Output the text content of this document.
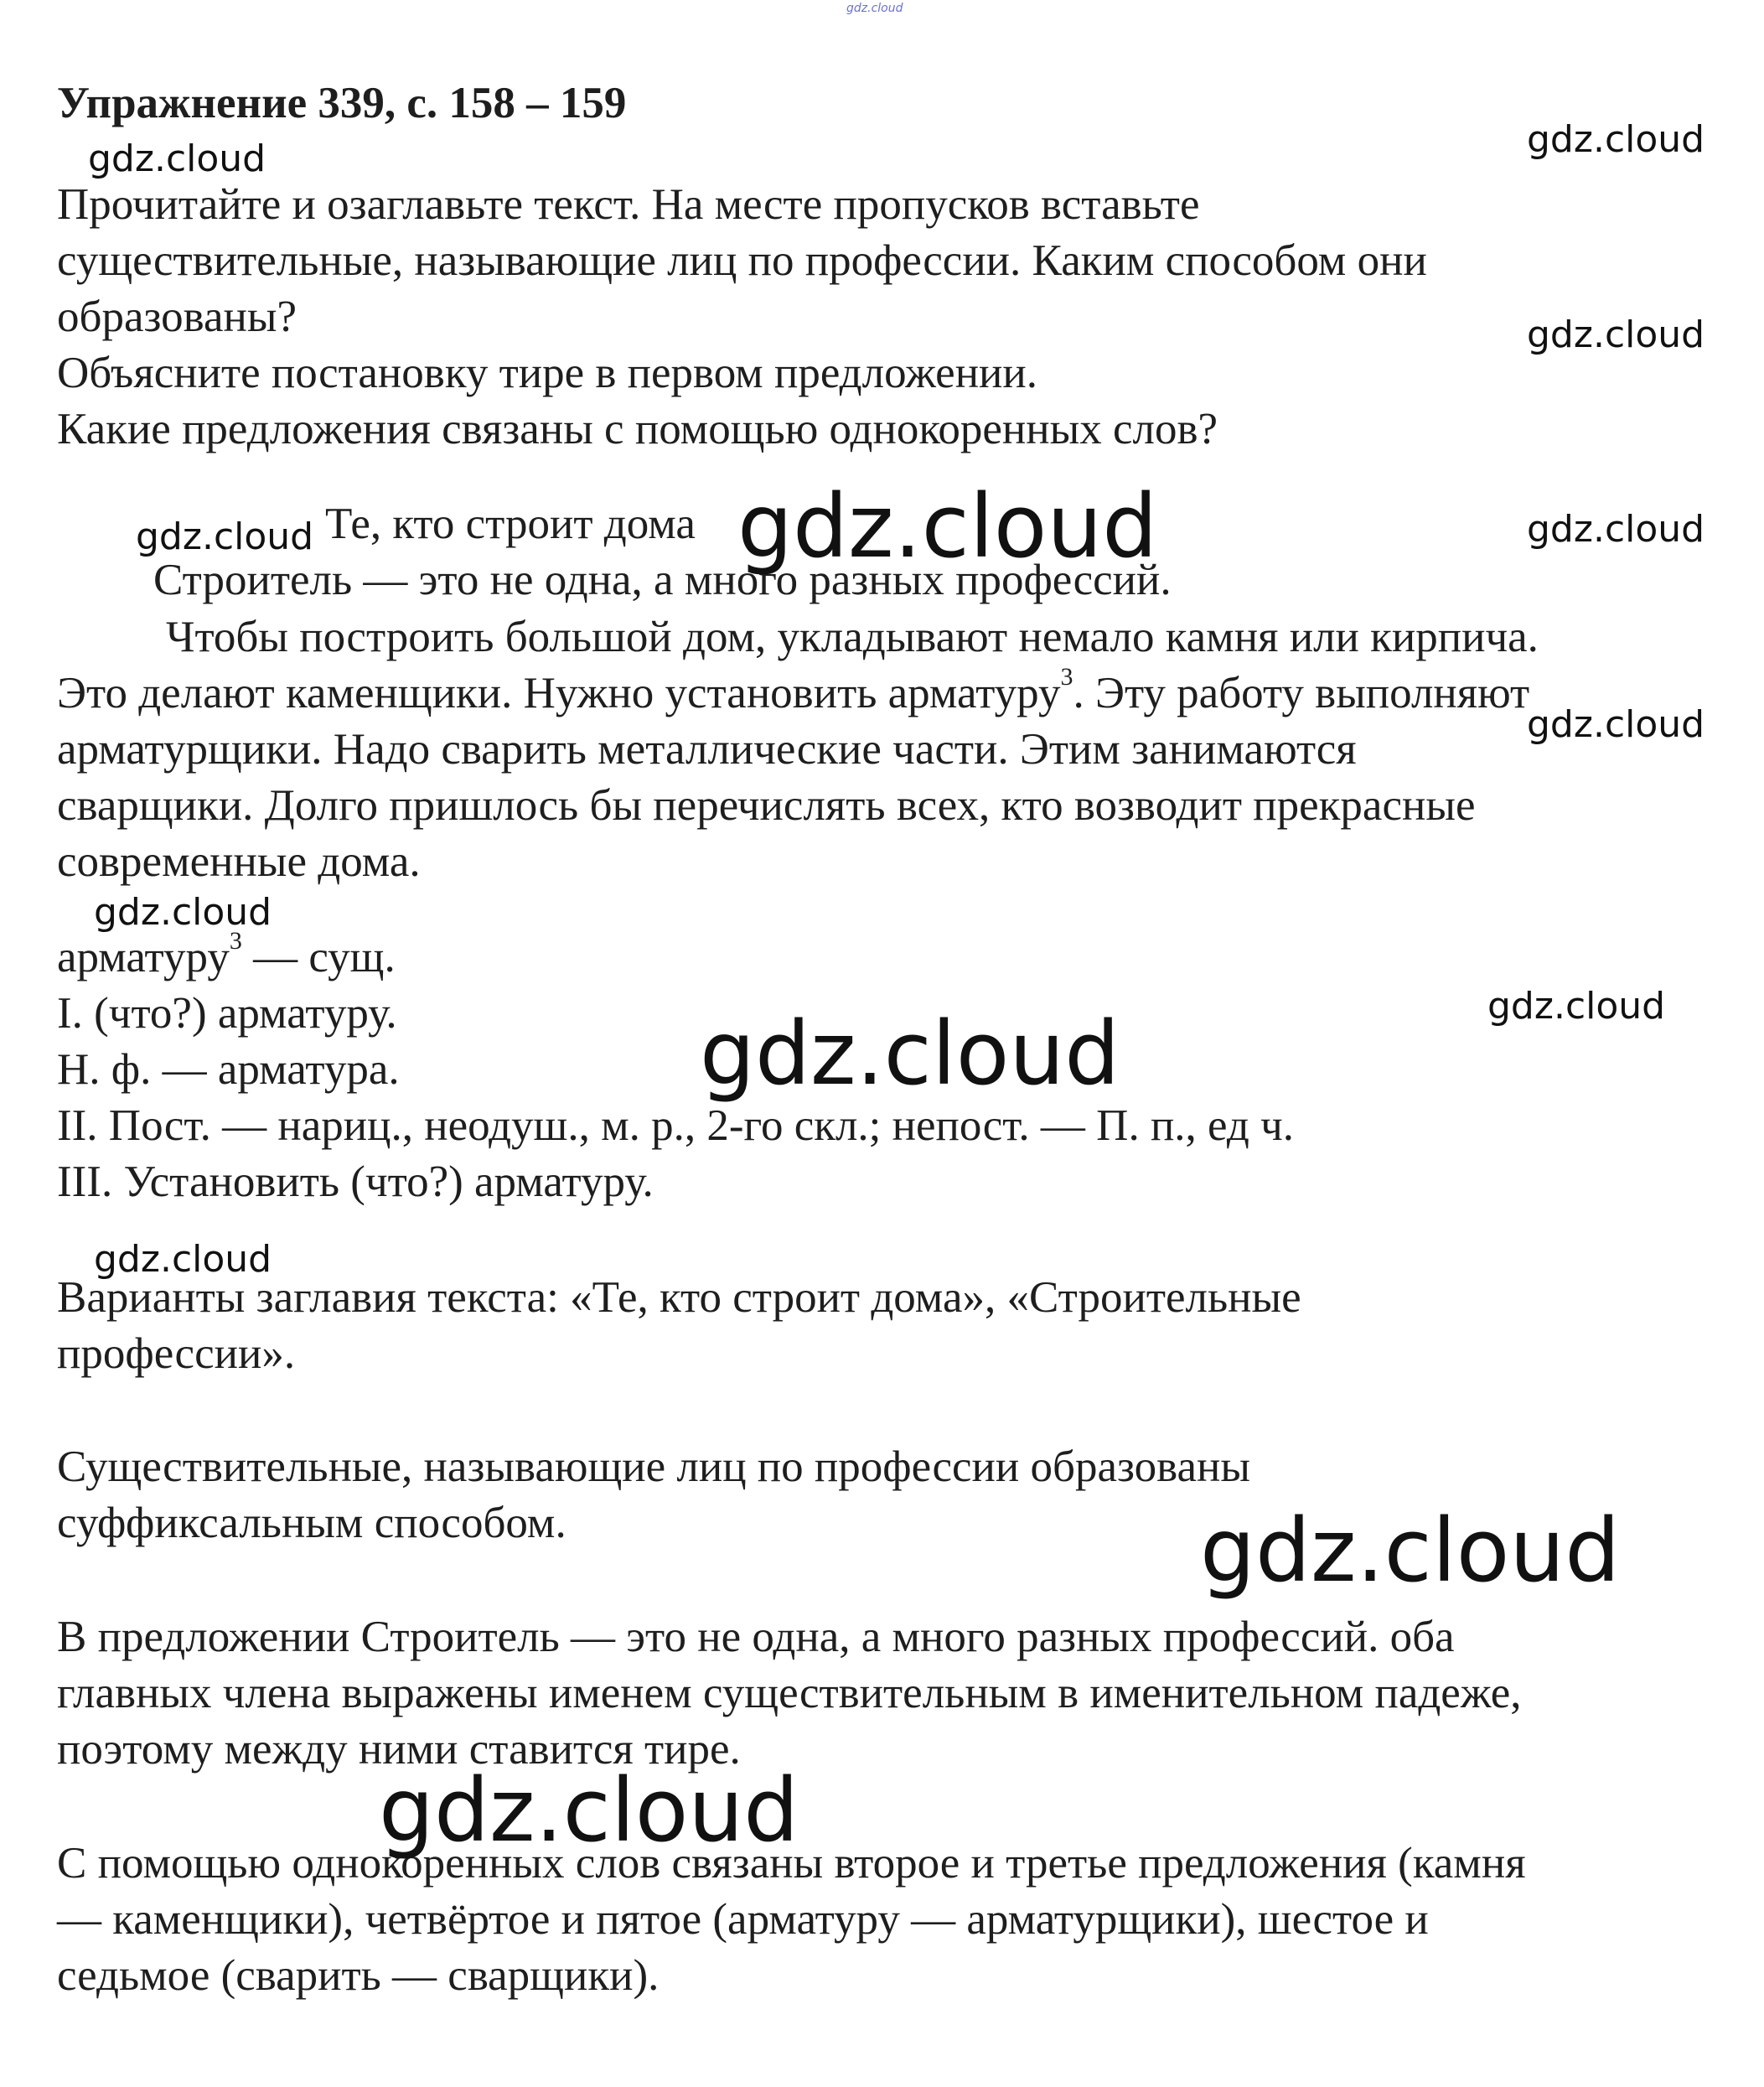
gdz.cloud
Упражнение 339, с. 158 – 159
Прочитайте и озаглавьте текст. На месте пропусков вставьте
существительные, называющие лиц по профессии. Каким способом они
образованы?
Объясните постановку тире в первом предложении.
Какие предложения связаны с помощью однокоренных слов?
Те, кто строит дома
Строитель — это не одна, а много разных профессий.
Чтобы построить большой дом, укладывают немало камня или кирпича.
Это делают каменщики. Нужно установить арматуру$^3$. Эту работу выполняют
арматурщики. Надо сварить металлические части. Этим занимаются
сварщики. Долго пришлось бы перечислять всех, кто возводит прекрасные
современные дома.
арматуру$^3$ — сущ.
I. (что?) арматуру.
Н. ф. — арматура.
II. Пост. — нариц., неодуш., м. р., 2-го скл.; непост. — П. п., ед ч.
III. Установить (что?) арматуру.
Варианты заглавия текста: «Те, кто строит дома», «Строительные
профессии».
Существительные, называющие лиц по профессии образованы
суффиксальным способом.
В предложении Строитель — это не одна, а много разных профессий. оба
главных члена выражены именем существительным в именительном падеже,
поэтому между ними ставится тире.
С помощью однокоренных слов связаны второе и третье предложения (камня
— каменщики), четвёртое и пятое (арматуру — арматурщики), шестое и
седьмое (сварить — сварщики).
gdz.cloud	gdz.cloud
gdz.cloud
gdz.cloud	gdz.cloud	gdz.cloud
gdz.cloud
gdz.cloud
gdz.cloud	gdz.cloud
gdz.cloud
gdz.cloud
gdz.cloud
